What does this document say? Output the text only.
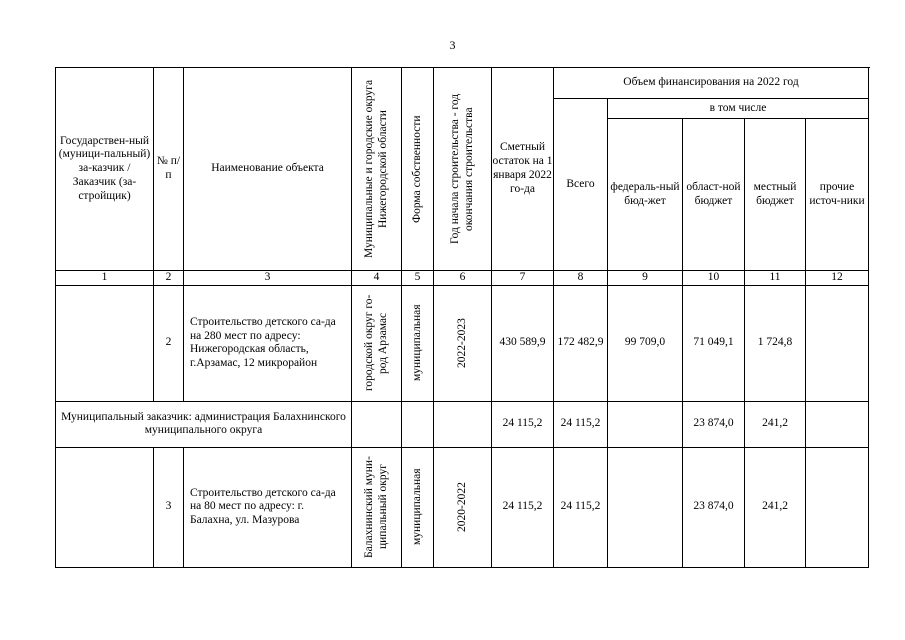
3
Государствен-ный (муници-пальный) за-казчик / Заказчик (за-стройщик)	№ п/п	Наименование объекта	Муниципальные и городские округа Нижегородской области	Форма собственности	Год начала строительства - год окончания строительства	Сметный остаток на 1 января 2022 го-да	Объем финансирования на 2022 год				
							Всего	в том числе			
								федераль-ный бюд-жет	област-ной бюджет	местный бюджет	прочие источ-ники
1	2	3	4	5	6	7	8	9	10	11	12
	2	Строительство детского са-да на 280 мест по адресу: Нижегородская область, г.Арзамас, 12 микрорайон	городской округ го-род Арзамас	муниципальная	2022-2023	430 589,9	172 482,9	99 709,0	71 049,1	1 724,8	
Муниципальный заказчик: администрация Балахнинского муниципального округа						24 115,2	24 115,2		23 874,0	241,2	
	3	Строительство детского са-да на 80 мест по адресу: г. Балахна, ул. Мазурова	Балахнинский муни-ципальный округ	муниципальная	2020-2022	24 115,2	24 115,2		23 874,0	241,2	
